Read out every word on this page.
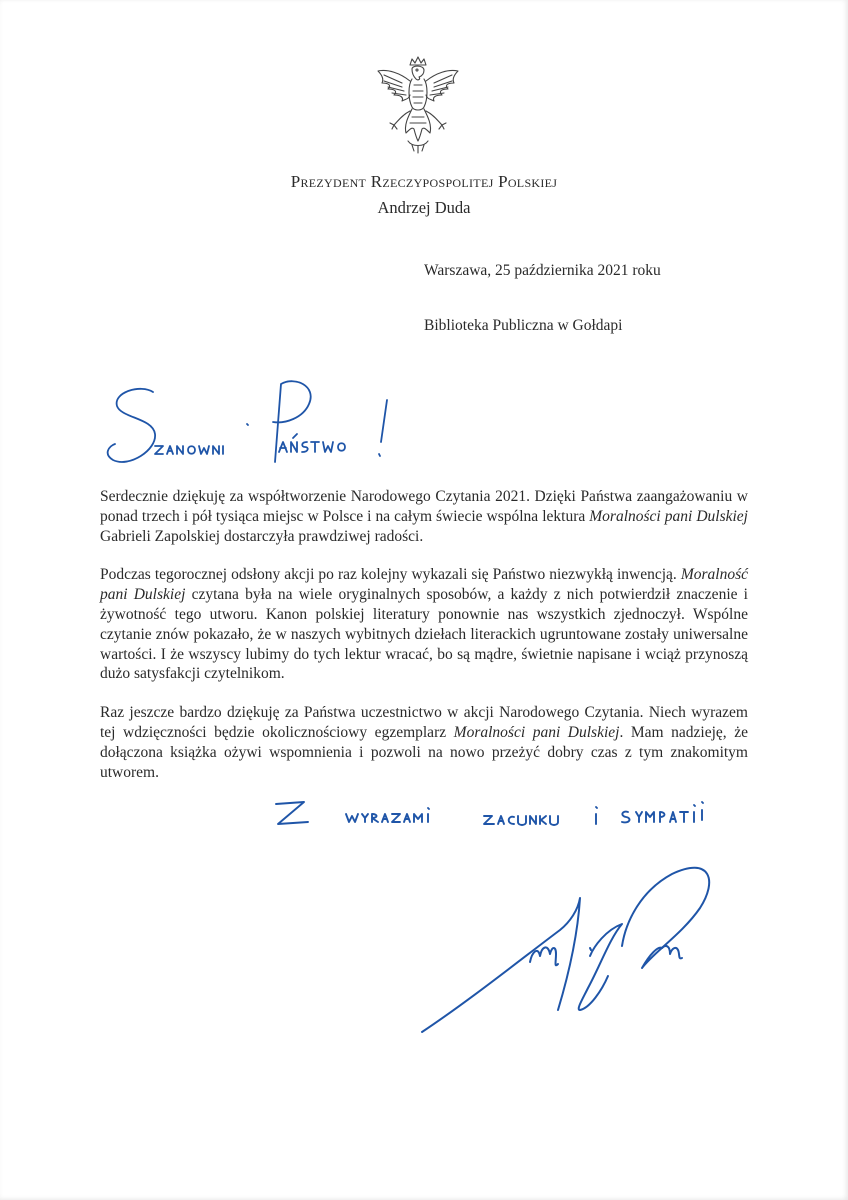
Prezydent Rzeczypospolitej Polskiej
Andrzej Duda
Warszawa, 25 października 2021 roku
Biblioteka Publiczna w Gołdapi

Serdecznie dziękuję za współtworzenie Narodowego Czytania 2021. Dzięki Państwa zaangażowaniu w ponad trzech i pół tysiąca miejsc w Polsce i na całym świecie wspólna lektura Moralności pani Dulskiej Gabrieli Zapolskiej dostarczyła prawdziwej radości.

Podczas tegorocznej odsłony akcji po raz kolejny wykazali się Państwo niezwykłą inwencją. Moralność pani Dulskiej czytana była na wiele oryginalnych sposobów, a każdy z nich potwierdził znaczenie i żywotność tego utworu. Kanon polskiej literatury ponownie nas wszystkich zjednoczył. Wspólne czytanie znów pokazało, że w naszych wybitnych dziełach literackich ugruntowane zostały uniwersalne wartości. I że wszyscy lubimy do tych lektur wracać, bo są mądre, świetnie napisane i wciąż przynoszą dużo satysfakcji czytelnikom.

Raz jeszcze bardzo dziękuję za Państwa uczestnictwo w akcji Narodowego Czytania. Niech wyrazem tej wdzięczności będzie okolicznościowy egzemplarz Moralności pani Dulskiej. Mam nadzieję, że dołączona książka ożywi wspomnienia i pozwoli na nowo przeżyć dobry czas z tym znakomitym utworem.
